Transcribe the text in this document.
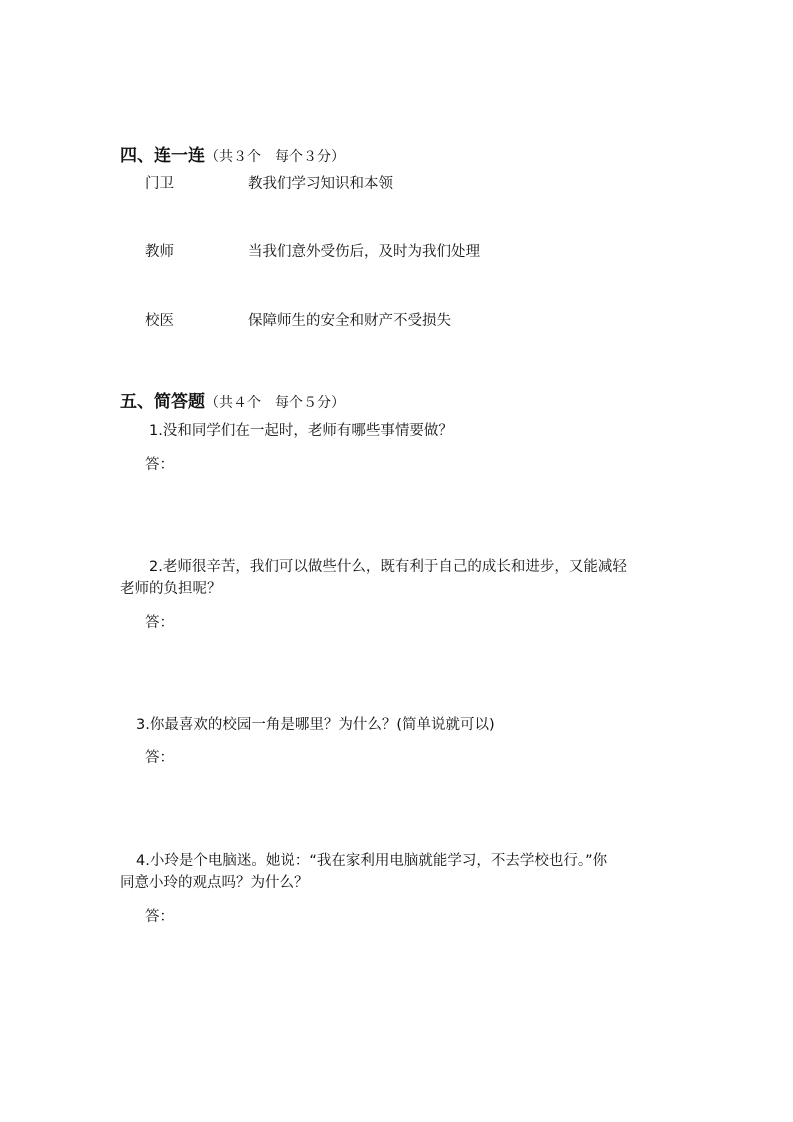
四、连一连（共３个　每个３分）
门卫	教我们学习知识和本领
教师	当我们意外受伤后，及时为我们处理
校医	保障师生的安全和财产不受损失
五、简答题（共４个　每个５分）
1.没和同学们在一起时，老师有哪些事情要做？
答：
2.老师很辛苦，我们可以做些什么，既有利于自己的成长和进步，又能减轻
老师的负担呢？
答：
3.你最喜欢的校园一角是哪里？为什么？(简单说就可以)
答：
4.小玲是个电脑迷。她说：“我在家利用电脑就能学习，不去学校也行。”你
同意小玲的观点吗？为什么？
答：
